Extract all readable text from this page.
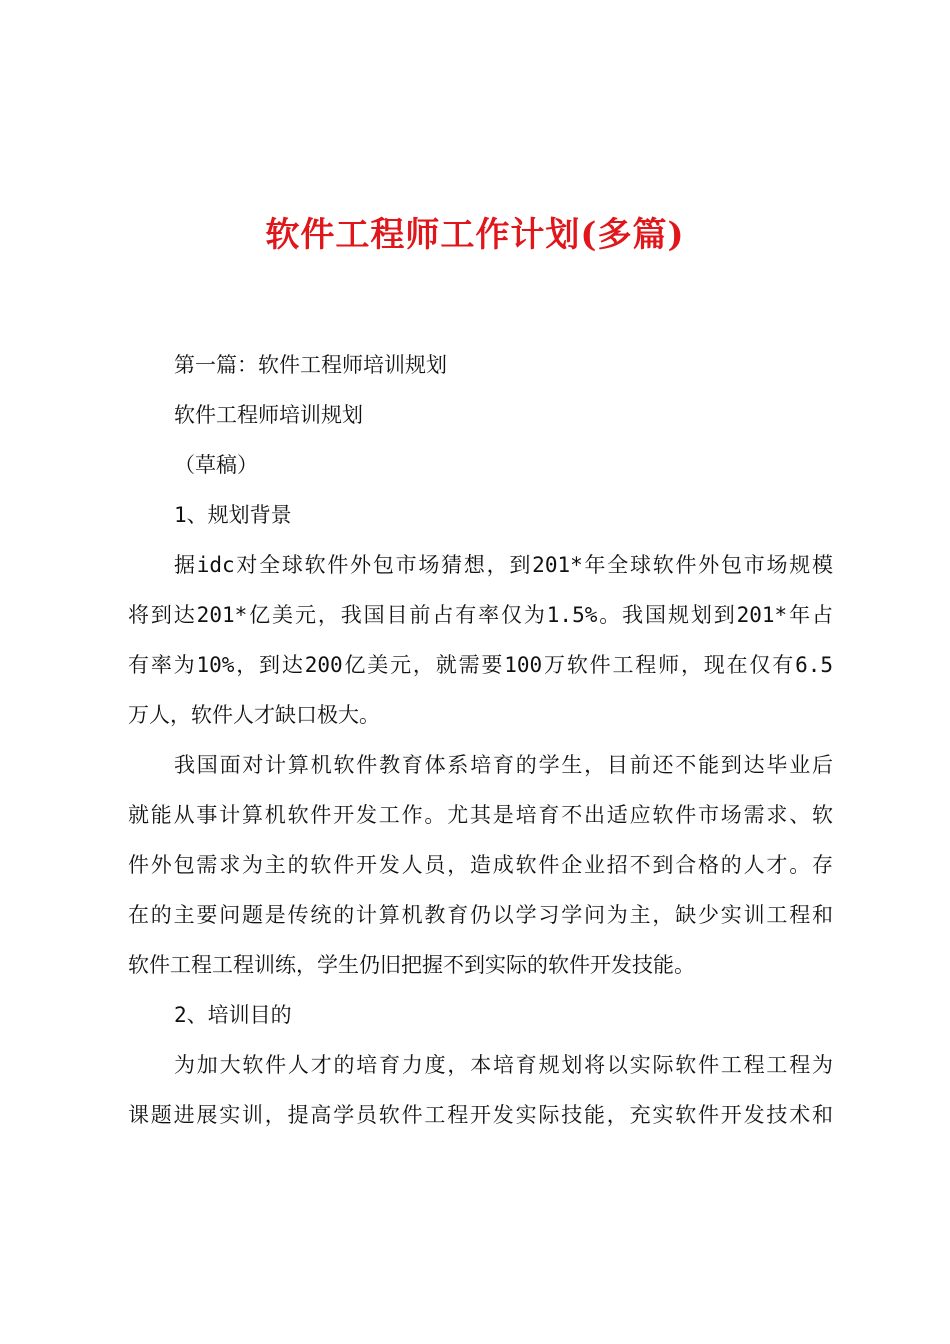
软件工程师工作计划(多篇)
第一篇：软件工程师培训规划
软件工程师培训规划
（草稿）
1、规划背景
据idc对全球软件外包市场猜想，到201*年全球软件外包市场规模
将到达201*亿美元，我国目前占有率仅为1.5%。我国规划到201*年占
有率为10%，到达200亿美元，就需要100万软件工程师，现在仅有6.5
万人，软件人才缺口极大。
我国面对计算机软件教育体系培育的学生，目前还不能到达毕业后
就能从事计算机软件开发工作。尤其是培育不出适应软件市场需求、软
件外包需求为主的软件开发人员，造成软件企业招不到合格的人才。存
在的主要问题是传统的计算机教育仍以学习学问为主，缺少实训工程和
软件工程工程训练，学生仍旧把握不到实际的软件开发技能。
2、培训目的
为加大软件人才的培育力度，本培育规划将以实际软件工程工程为
课题进展实训，提高学员软件工程开发实际技能，充实软件开发技术和
